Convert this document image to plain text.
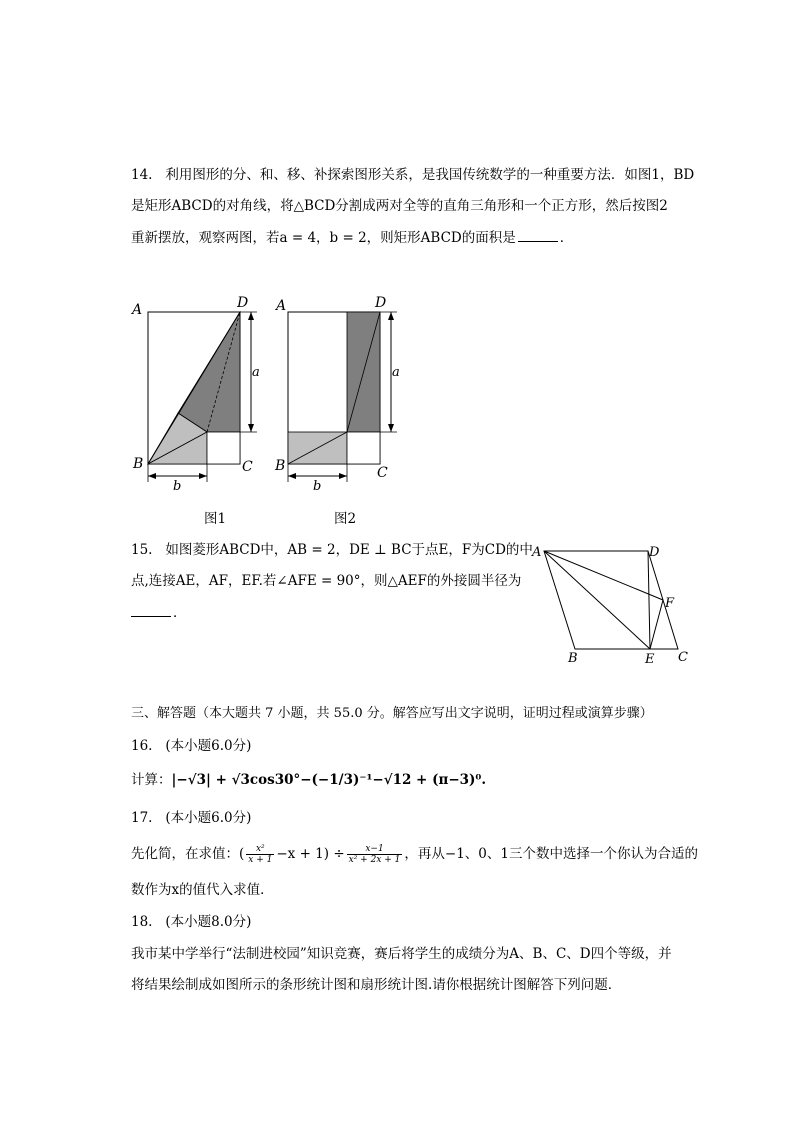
14. 利用图形的分、和、移、补探索图形关系，是我国传统数学的一种重要方法．如图1，BD
是矩形ABCD的对角线，将△BCD分割成两对全等的直角三角形和一个正方形，然后按图2
重新摆放，观察两图，若a = 4，b = 2，则矩形ABCD的面积是	．
A	D
B	C
a
b
A	D
B	C
a
b
图1	图2
15. 如图菱形ABCD中，AB = 2，DE ⊥ BC于点E，F为CD的中
点,连接AE，AF，EF.若∠AFE = 90°，则△AEF的外接圆半径为
．
A	D
F
B	E C
三、解答题（本大题共 7 小题，共 55.0 分。解答应写出文字说明，证明过程或演算步骤）
16. (本小题6.0分)
计算：|−√3| + √3cos30°−(−1/3)⁻¹−√12 + (π−3)⁰.
17. (本小题6.0分)
先化简，在求值：( $\frac{\text{x²}}{x + 1} -x + 1) \div \frac{x-1}{\text{x² + 2x + 1}}$ ，再从−1、0、1三个数中选择一个你认为合适的
数作为x的值代入求值．
18. (本小题8.0分)
我市某中学举行“法制进校园”知识竞赛，赛后将学生的成绩分为A、B、C、D四个等级，并
将结果绘制成如图所示的条形统计图和扇形统计图.请你根据统计图解答下列问题．
